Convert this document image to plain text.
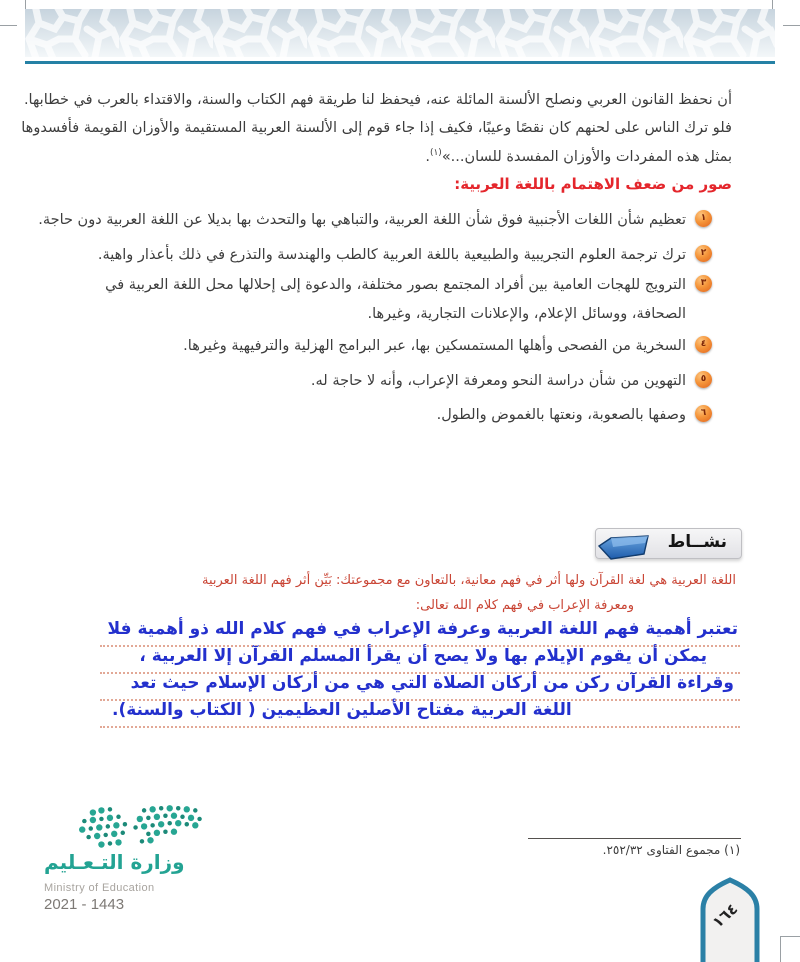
أن نحفظ القانون العربي ونصلح الألسنة المائلة عنه، فيحفظ لنا طريقة فهم الكتاب والسنة، والاقتداء بالعرب في خطابها.
فلو ترك الناس على لحنهم كان نقصًا وعيبًا، فكيف إذا جاء قوم إلى الألسنة العربية المستقيمة والأوزان القويمة فأفسدوها
بمثل هذه المفردات والأوزان المفسدة للسان...»$^{(١)}$.
صور من ضعف الاهتمام باللغة العربية:
١
تعظيم شأن اللغات الأجنبية فوق شأن اللغة العربية، والتباهي بها والتحدث بها بديلا عن اللغة العربية دون حاجة.
٢
ترك ترجمة العلوم التجريبية والطبيعية باللغة العربية كالطب والهندسة والتذرع في ذلك بأعذار واهية.
٣
الترويج للهجات العامية بين أفراد المجتمع بصور مختلفة، والدعوة إلى إحلالها محل اللغة العربية في الصحافة، ووسائل الإعلام، والإعلانات التجارية، وغيرها.
٤
السخرية من الفصحى وأهلها المستمسكين بها، عبر البرامج الهزلية والترفيهية وغيرها.
٥
التهوين من شأن دراسة النحو ومعرفة الإعراب، وأنه لا حاجة له.
٦
وصفها بالصعوبة، ونعتها بالغموض والطول.
نشــاط
اللغة العربية هي لغة القرآن ولها أثر في فهم معانية، بالتعاون مع مجموعتك: بَيِّن أثر فهم اللغة العربية
ومعرفة الإعراب في فهم كلام الله تعالى:
تعتبر أهمية فهم اللغة العربية وعرفة الإعراب في فهم كلام الله ذو أهمية فلا
يمكن أن يقوم الإيلام بها ولا يصح أن يقرأ المسلم القرآن إلا العربية ،
وقراءة القرآن ركن من أركان الصلاة التي هي من أركان الإسلام حيث تعد
اللغة العربية مفتاح الأصلين العظيمين ( الكتاب والسنة).
(١) مجموع الفتاوى ٢٥٢/٣٢.
وزارة التـعـليم
Ministry of Education
2021 - 1443	١٦٤
